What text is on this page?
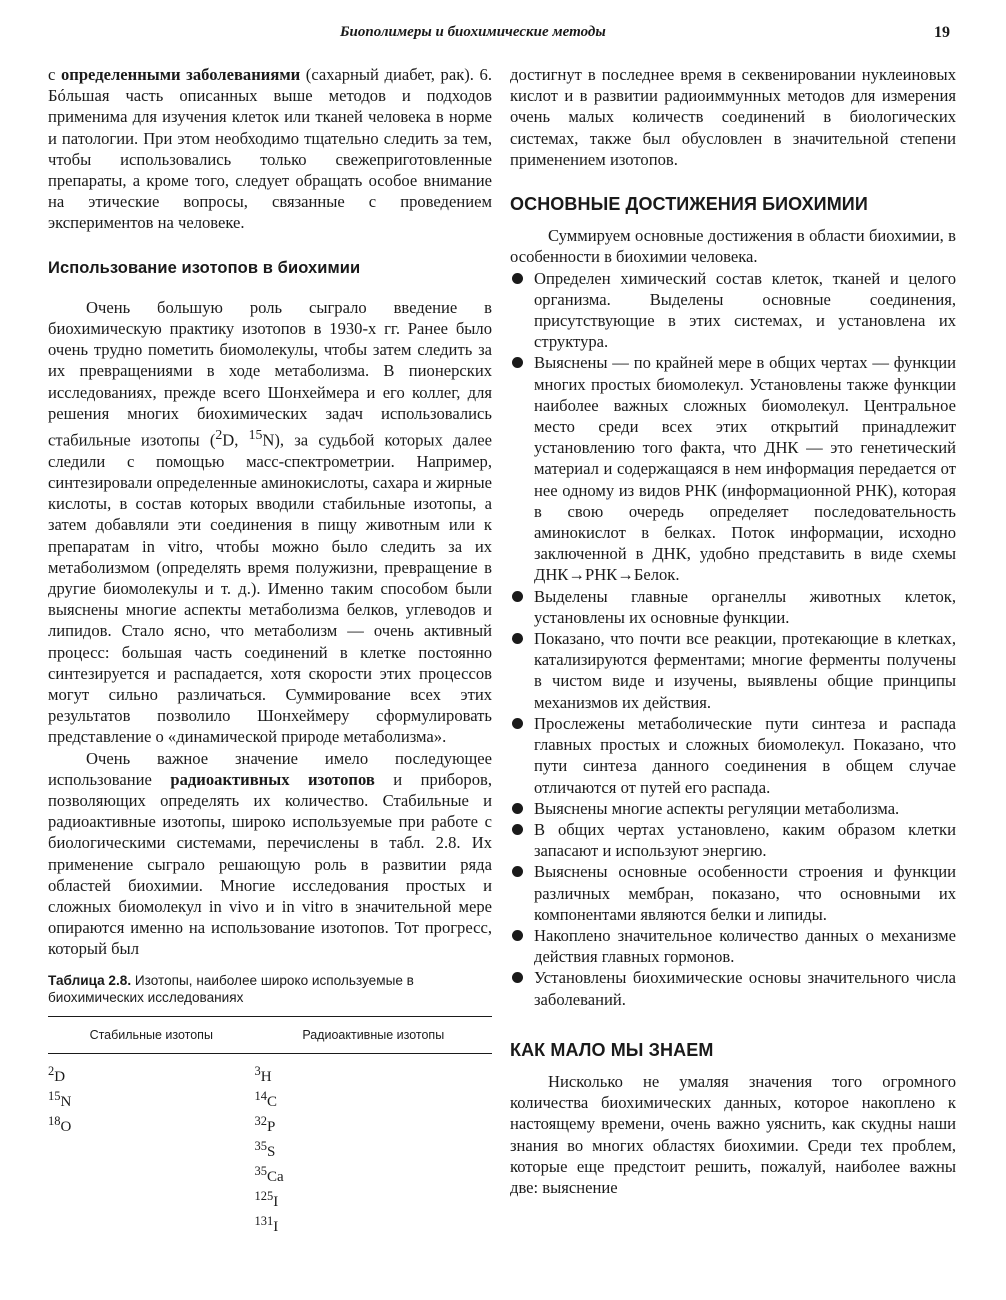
Биополимеры и биохимические методы	19

с определенными заболеваниями (сахарный диабет, рак). 6. Бóльшая часть описанных выше методов и подходов применима для изучения клеток или тканей человека в норме и патологии. При этом необходимо тщательно следить за тем, чтобы использовались только свежеприготовленные препараты, а кроме того, следует обращать особое внимание на этические вопросы, связанные с проведением экспериментов на человеке.

Использование изотопов в биохимии

Очень большую роль сыграло введение в биохимическую практику изотопов в 1930-х гг. Ранее было очень трудно пометить биомолекулы, чтобы затем следить за их превращениями в ходе метаболизма. В пионерских исследованиях, прежде всего Шонхеймера и его коллег, для решения многих биохимических задач использовались стабильные изотопы ($^2$D, $^{15}$N), за судьбой которых далее следили с помощью масс-спектрометрии. Например, синтезировали определенные аминокислоты, сахара и жирные кислоты, в состав которых вводили стабильные изотопы, а затем добавляли эти соединения в пищу животным или к препаратам in vitro, чтобы можно было следить за их метаболизмом (определять время полужизни, превращение в другие биомолекулы и т. д.). Именно таким способом были выяснены многие аспекты метаболизма белков, углеводов и липидов. Стало ясно, что метаболизм — очень активный процесс: большая часть соединений в клетке постоянно синтезируется и распадается, хотя скорости этих процессов могут сильно различаться. Суммирование всех этих результатов позволило Шонхеймеру сформулировать представление о «динамической природе метаболизма».

Очень важное значение имело последующее использование радиоактивных изотопов и приборов, позволяющих определять их количество. Стабильные и радиоактивные изотопы, широко используемые при работе с биологическими системами, перечислены в табл. 2.8. Их применение сыграло решающую роль в развитии ряда областей биохимии. Многие исследования простых и сложных биомолекул in vivo и in vitro в значительной мере опираются именно на использование изотопов. Тот прогресс, который был

Таблица 2.8. Изотопы, наиболее широко используемые в биохимических исследованиях
Стабильные изотопы	Радиоактивные изотопы
$^2$D	$^3$H
$^{15}$N	$^{14}$C
$^{18}$O	$^{32}$P
	$^{35}$S
	$^{35}$Ca
	$^{125}$I
	$^{131}$I

достигнут в последнее время в секвенировании нуклеиновых кислот и в развитии радиоиммунных методов для измерения очень малых количеств соединений в биологических системах, также был обусловлен в значительной степени применением изотопов.

ОСНОВНЫЕ ДОСТИЖЕНИЯ БИОХИМИИ

Суммируем основные достижения в области биохимии, в особенности в биохимии человека.

Определен химический состав клеток, тканей и целого организма. Выделены основные соединения, присутствующие в этих системах, и установлена их структура.
Выяснены — по крайней мере в общих чертах — функции многих простых биомолекул. Установлены также функции наиболее важных сложных биомолекул. Центральное место среди всех этих открытий принадлежит установлению того факта, что ДНК — это генетический материал и содержащаяся в нем информация передается от нее одному из видов РНК (информационной РНК), которая в свою очередь определяет последовательность аминокислот в белках. Поток информации, исходно заключенной в ДНК, удобно представить в виде схемы ДНК→РНК→Белок.
Выделены главные органеллы животных клеток, установлены их основные функции.
Показано, что почти все реакции, протекающие в клетках, катализируются ферментами; многие ферменты получены в чистом виде и изучены, выявлены общие принципы механизмов их действия.
Прослежены метаболические пути синтеза и распада главных простых и сложных биомолекул. Показано, что пути синтеза данного соединения в общем случае отличаются от путей его распада.
Выяснены многие аспекты регуляции метаболизма.
В общих чертах установлено, каким образом клетки запасают и используют энергию.
Выяснены основные особенности строения и функции различных мембран, показано, что основными их компонентами являются белки и липиды.
Накоплено значительное количество данных о механизме действия главных гормонов.
Установлены биохимические основы значительного числа заболеваний.
КАК МАЛО МЫ ЗНАЕМ

Нисколько не умаляя значения того огромного количества биохимических данных, которое накоплено к настоящему времени, очень важно уяснить, как скудны наши знания во многих областях биохимии. Среди тех проблем, которые еще предстоит решить, пожалуй, наиболее важны две: выяснение
